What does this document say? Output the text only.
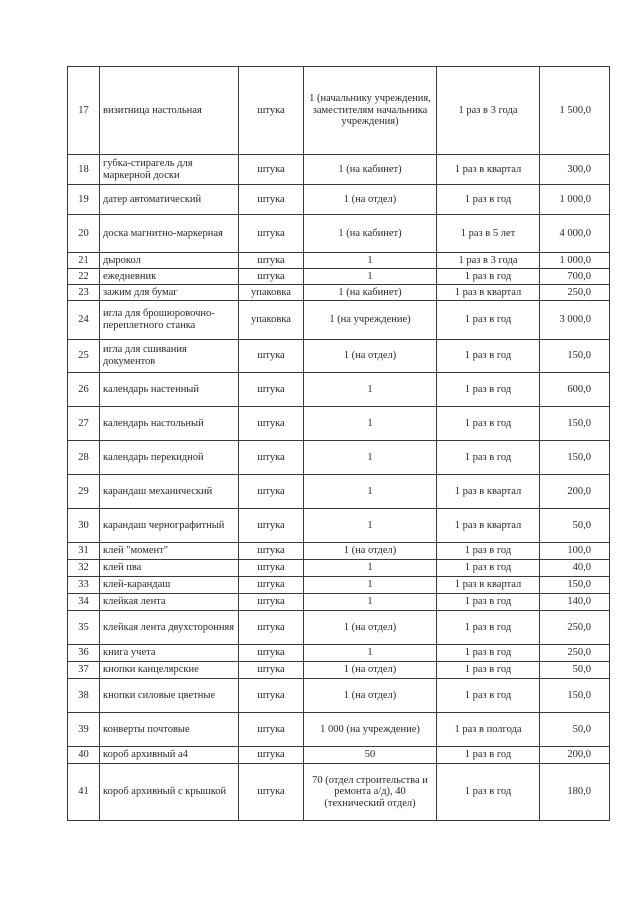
17	визитница настольная	штука	1 (начальнику учреждения, заместителям начальника учреждения)	1 раз в 3 года	1 500,0
18	губка-стирагель для маркерной доски	штука	1 (на кабинет)	1 раз в квартал	300,0
19	датер автоматический	штука	1 (на отдел)	1 раз в год	1 000,0
20	доска магнитно-маркерная	штука	1 (на кабинет)	1 раз в 5 лет	4 000,0
21	дырокол	штука	1	1 раз в 3 года	1 000,0
22	ежедневник	штука	1	1 раз в год	700,0
23	зажим для бумаг	упаковка	1 (на кабинет)	1 раз в квартал	250,0
24	игла для брошюровочно-переплетного станка	упаковка	1 (на учреждение)	1 раз в год	3 000,0
25	игла для сшивания документов	штука	1 (на отдел)	1 раз в год	150,0
26	календарь настенный	штука	1	1 раз в год	600,0
27	календарь настольный	штука	1	1 раз в год	150,0
28	календарь перекидной	штука	1	1 раз в год	150,0
29	карандаш механический	штука	1	1 раз в квартал	200,0
30	карандаш чернографитный	штука	1	1 раз в квартал	50,0
31	клей "момент"	штука	1 (на отдел)	1 раз в год	100,0
32	клей пва	штука	1	1 раз в год	40,0
33	клей-карандаш	штука	1	1 раз в квартал	150,0
34	клейкая лента	штука	1	1 раз в год	140,0
35	клейкая лента двухсторонняя	штука	1 (на отдел)	1 раз в год	250,0
36	книга учета	штука	1	1 раз в год	250,0
37	кнопки канцелярские	штука	1 (на отдел)	1 раз в год	50,0
38	кнопки силовые цветные	штука	1 (на отдел)	1 раз в год	150,0
39	конверты почтовые	штука	1 000 (на учреждение)	1 раз в полгода	50,0
40	короб архивный а4	штука	50	1 раз в год	200,0
41	короб архивный с крышкой	штука	70 (отдел строительства и ремонта а/д), 40 (технический отдел)	1 раз в год	180,0
